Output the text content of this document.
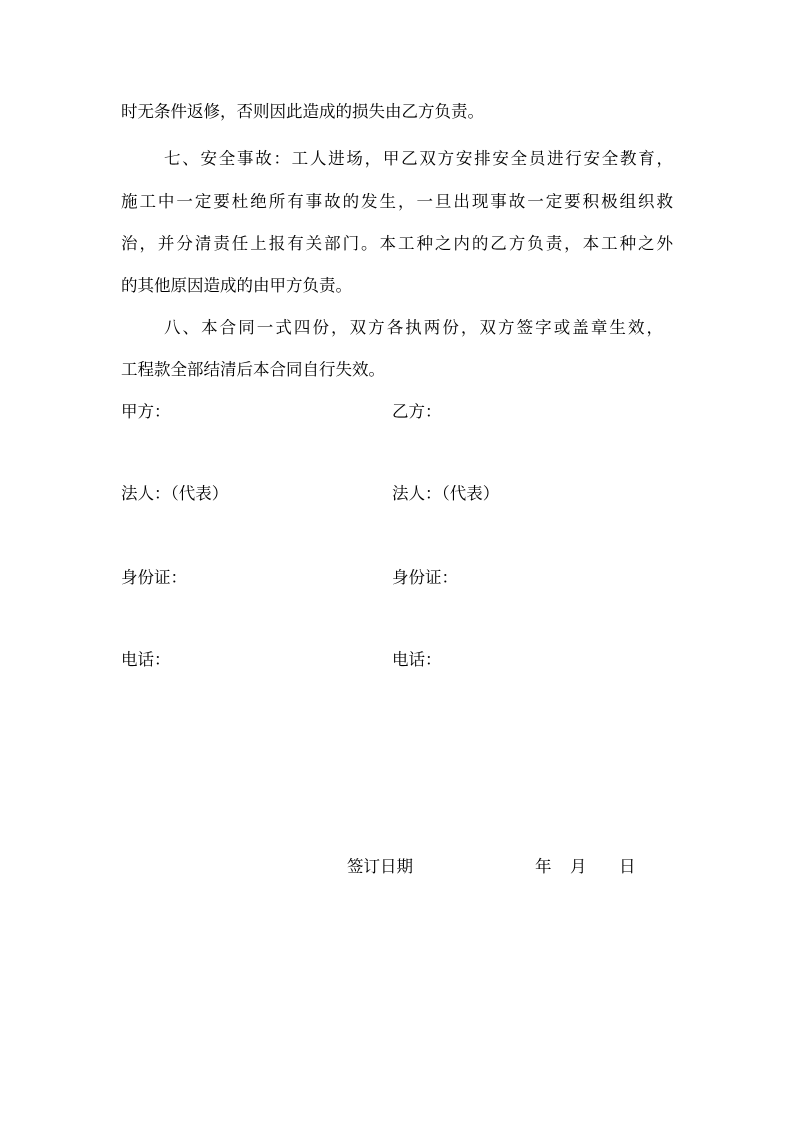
时无条件返修，否则因此造成的损失由乙方负责。
七、安全事故：工人进场，甲乙双方安排安全员进行安全教育，
施工中一定要杜绝所有事故的发生，一旦出现事故一定要积极组织救
治，并分清责任上报有关部门。本工种之内的乙方负责，本工种之外
的其他原因造成的由甲方负责。
八、本合同一式四份，双方各执两份，双方签字或盖章生效，
工程款全部结清后本合同自行失效。
甲方：	乙方：
法人：（代表）	法人：（代表）
身份证：	身份证：
电话：	电话：
签订日期	年 月 日
